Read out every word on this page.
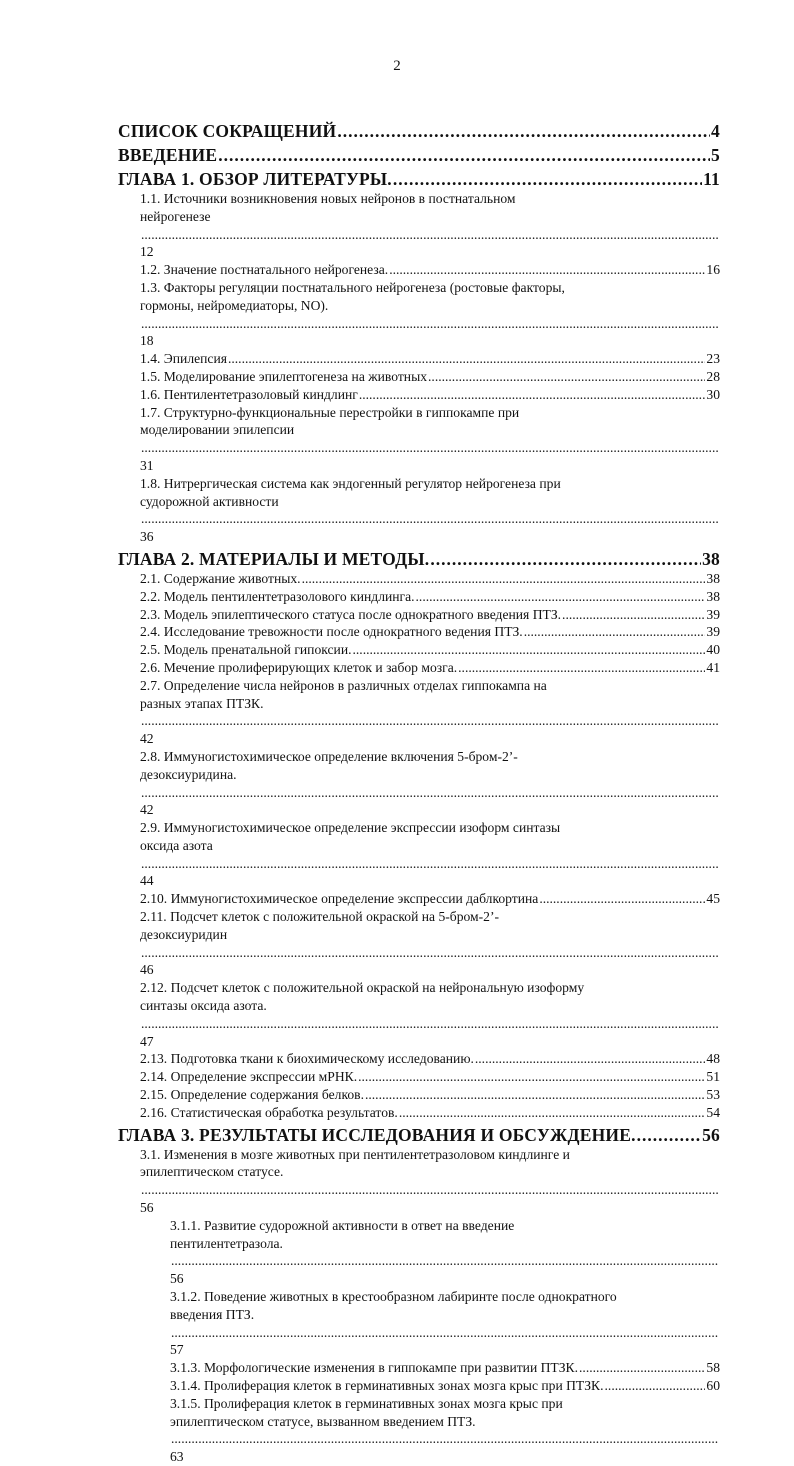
2
СПИСОК СОКРАЩЕНИЙ .....	4
ВВЕДЕНИЕ .....	5
ГЛАВА 1. ОБЗОР ЛИТЕРАТУРЫ. .....	11
1.1. Источники возникновения новых нейронов в постнатальном
нейрогенезе
.....
12
1.2. Значение постнатального нейрогенеза. .....	16
1.3. Факторы регуляции постнатального нейрогенеза (ростовые факторы,
гормоны, нейромедиаторы, NO).
.....
18
1.4. Эпилепсия .....	23
1.5. Моделирование эпилептогенеза на животных .....	28
1.6. Пентилентетразоловый киндлинг .....	30
1.7. Структурно-функциональные перестройки в гиппокампе при
моделировании эпилепсии
.....
31
1.8. Нитрергическая система как эндогенный регулятор нейрогенеза при
судорожной активности
.....
36
ГЛАВА 2. МАТЕРИАЛЫ И МЕТОДЫ. .....	38
2.1. Содержание животных. .....	38
2.2. Модель пентилентетразолового киндлинга. .....	38
2.3. Модель эпилептического статуса после однократного введения ПТЗ. .....	39
2.4. Исследование тревожности после однократного ведения ПТЗ. .....	39
2.5. Модель пренатальной гипоксии. .....	40
2.6. Мечение пролиферирующих клеток и забор мозга. .....	41
2.7. Определение числа нейронов в различных отделах гиппокампа на
разных этапах ПТЗК.
.....
42
2.8. Иммуногистохимическое определение включения 5-бром-2’-
дезоксиуридина.
.....
42
2.9. Иммуногистохимическое определение экспрессии изоформ синтазы
оксида азота
.....
44
2.10. Иммуногистохимическое определение экспрессии даблкортина .....	45
2.11. Подсчет клеток с положительной окраской на 5-бром-2’-
дезоксиуридин
.....
46
2.12. Подсчет клеток с положительной окраской на нейрональную изоформу
синтазы оксида азота.
.....
47
2.13. Подготовка ткани к биохимическому исследованию. .....	48
2.14. Определение экспрессии мРНК. .....	51
2.15. Определение содержания белков. .....	53
2.16. Статистическая обработка результатов. .....	54
ГЛАВА 3. РЕЗУЛЬТАТЫ ИССЛЕДОВАНИЯ И ОБСУЖДЕНИЕ. .....	56
3.1. Изменения в мозге животных при пентилентетразоловом киндлинге и
эпилептическом статусе.
.....
56
3.1.1. Развитие судорожной активности в ответ на введение
пентилентетразола.
.....
56
3.1.2. Поведение животных в крестообразном лабиринте после однократного
введения ПТЗ.
.....
57
3.1.3. Морфологические изменения в гиппокампе при развитии ПТЗК. .....	58
3.1.4. Пролиферация клеток в герминативных зонах мозга крыс при ПТЗК. .....	60
3.1.5. Пролиферация клеток в герминативных зонах мозга крыс при
эпилептическом статусе, вызванном введением ПТЗ.
.....
63
